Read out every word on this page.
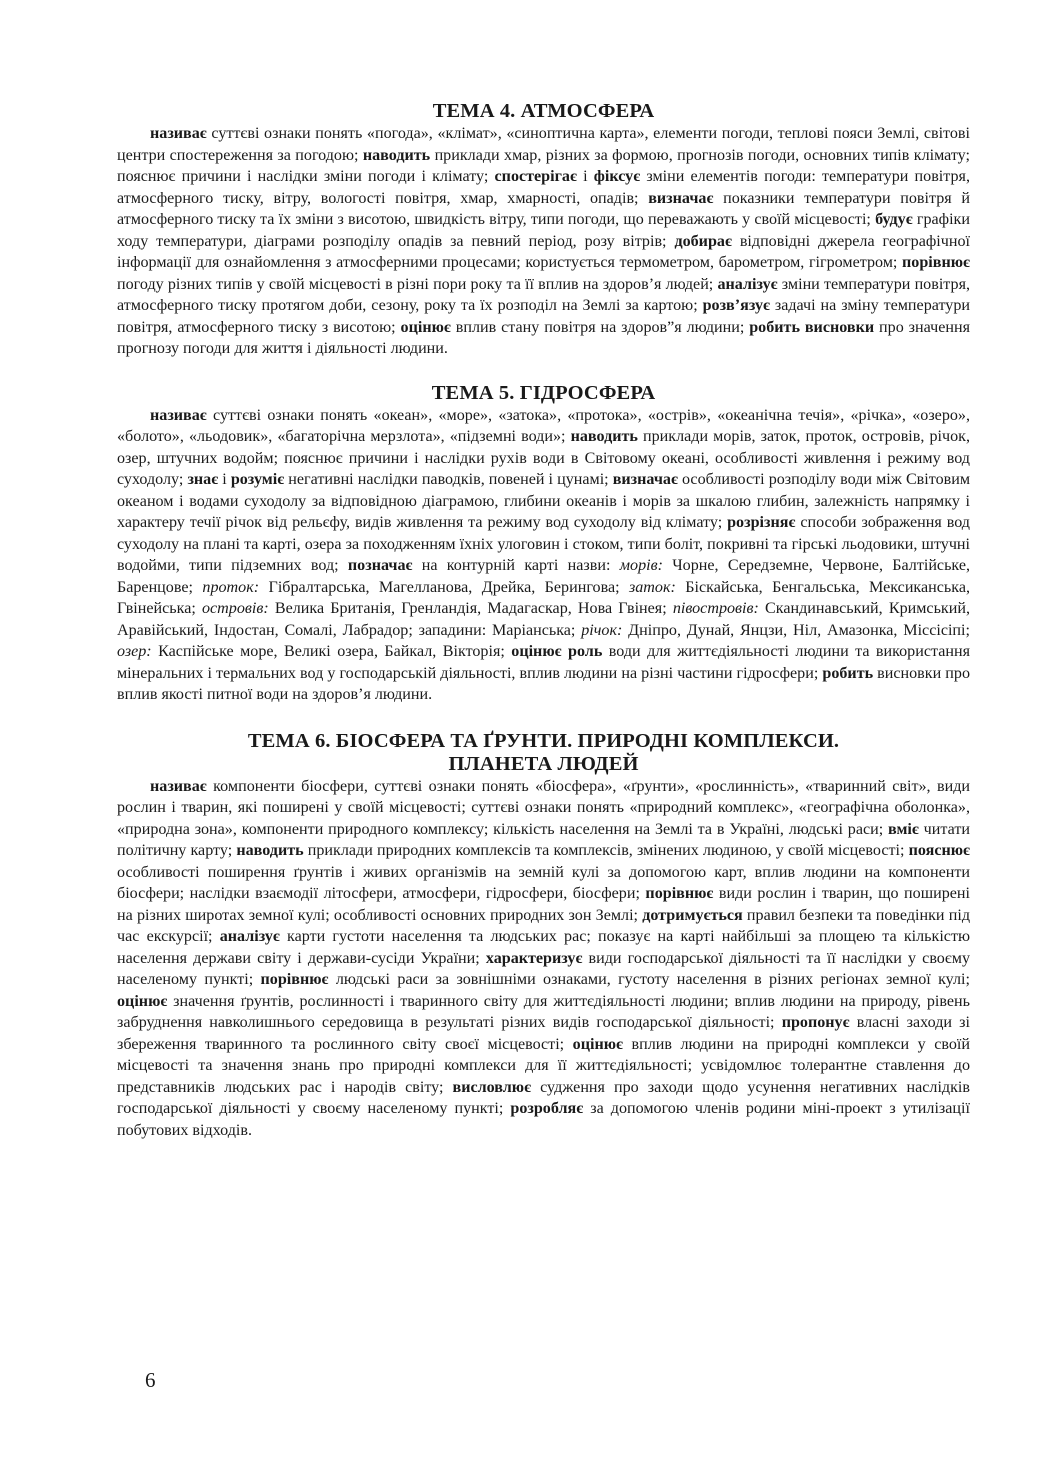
ТЕМА 4. АТМОСФЕРА

називає суттєві ознаки понять «погода», «клімат», «синоптична карта», елементи погоди, теплові пояси Землі, світові центри спостереження за погодою; наводить приклади хмар, різних за формою, прогнозів погоди, основних типів клімату; пояснює причини і наслідки зміни погоди і клімату; спостерігає і фіксує зміни елементів погоди: температури повітря, атмосферного тиску, вітру, вологості повітря, хмар, хмарності, опадів; визначає показники температури повітря й атмосферного тиску та їх зміни з висотою, швидкість вітру, типи погоди, що переважають у своїй місцевості; будує графіки ходу температури, діаграми розподілу опадів за певний період, розу вітрів; добирає відповідні джерела географічної інформації для ознайомлення з атмосферними процесами; користується термометром, барометром, гігрометром; порівнює погоду різних типів у своїй місцевості в різні пори року та її вплив на здоров’я людей; аналізує зміни температури повітря, атмосферного тиску протягом доби, сезону, року та їх розподіл на Землі за картою; розв’язує задачі на зміну температури повітря, атмосферного тиску з висотою; оцінює вплив стану повітря на здоров”я людини; робить висновки про значення прогнозу погоди для життя і діяльності людини.

ТЕМА 5. ГІДРОСФЕРА

називає суттєві ознаки понять «океан», «море», «затока», «протока», «острів», «океанічна течія», «річка», «озеро», «болото», «льодовик», «багаторічна мерзлота», «підземні води»; наводить приклади морів, заток, проток, островів, річок, озер, штучних водойм; пояснює причини і наслідки рухів води в Світовому океані, особливості живлення і режиму вод суходолу; знає і розуміє негативні наслідки паводків, повеней і цунамі; визначає особливості розподілу води між Світовим океаном і водами суходолу за відповідною діаграмою, глибини океанів і морів за шкалою глибин, залежність напрямку і характеру течії річок від рельєфу, видів живлення та режиму вод суходолу від клімату; розрізняє способи зображення вод суходолу на плані та карті, озера за походженням їхніх улоговин і стоком, типи боліт, покривні та гірські льодовики, штучні водойми, типи підземних вод; позначає на контурній карті назви: морів: Чорне, Середземне, Червоне, Балтійське, Баренцове; проток: Гібралтарська, Магелланова, Дрейка, Берингова; заток: Біскайська, Бенгальська, Мексиканська, Гвінейська; островів: Велика Британія, Гренландія, Мадагаскар, Нова Гвінея; півостровів: Скандинавський, Кримський, Аравійський, Індостан, Сомалі, Лабрадор; западини: Маріанська; річок: Дніпро, Дунай, Янцзи, Ніл, Амазонка, Міссісіпі; озер: Каспійське море, Великі озера, Байкал, Вікторія; оцінює роль води для життєдіяльності людини та використання мінеральних і термальних вод у господарській діяльності, вплив людини на різні частини гідросфери; робить висновки про вплив якості питної води на здоров’я людини.

ТЕМА 6. БІОСФЕРА ТА ҐРУНТИ. ПРИРОДНІ КОМПЛЕКСИ.
ПЛАНЕТА ЛЮДЕЙ

називає компоненти біосфери, суттєві ознаки понять «біосфера», «ґрунти», «рослинність», «тваринний світ», види рослин і тварин, які поширені у своїй місцевості; суттєві ознаки понять «природний комплекс», «географічна оболонка», «природна зона», компоненти природного комплексу; кількість населення на Землі та в Україні, людські раси; вміє читати політичну карту; наводить приклади природних комплексів та комплексів, змінених людиною, у своїй місцевості; пояснює особливості поширення ґрунтів і живих організмів на земній кулі за допомогою карт, вплив людини на компоненти біосфери; наслідки взаємодії літосфери, атмосфери, гідросфери, біосфери; порівнює види рослин і тварин, що поширені на різних широтах земної кулі; особливості основних природних зон Землі; дотримується правил безпеки та поведінки під час екскурсії; аналізує карти густоти населення та людських рас; показує на карті найбільші за площею та кількістю населення держави світу і держави-сусіди України; характеризує види господарської діяльності та її наслідки у своєму населеному пункті; порівнює людські раси за зовнішніми ознаками, густоту населення в різних регіонах земної кулі; оцінює значення ґрунтів, рослинності і тваринного світу для життєдіяльності людини; вплив людини на природу, рівень забруднення навколишнього середовища в результаті різних видів господарської діяльності; пропонує власні заходи зі збереження тваринного та рослинного світу своєї місцевості; оцінює вплив людини на природні комплекси у своїй місцевості та значення знань про природні комплекси для її життєдіяльності; усвідомлює толерантне ставлення до представників людських рас і народів світу; висловлює судження про заходи щодо усунення негативних наслідків господарської діяльності у своєму населеному пункті; розробляє за допомогою членів родини міні-проект з утилізації побутових відходів.

6
